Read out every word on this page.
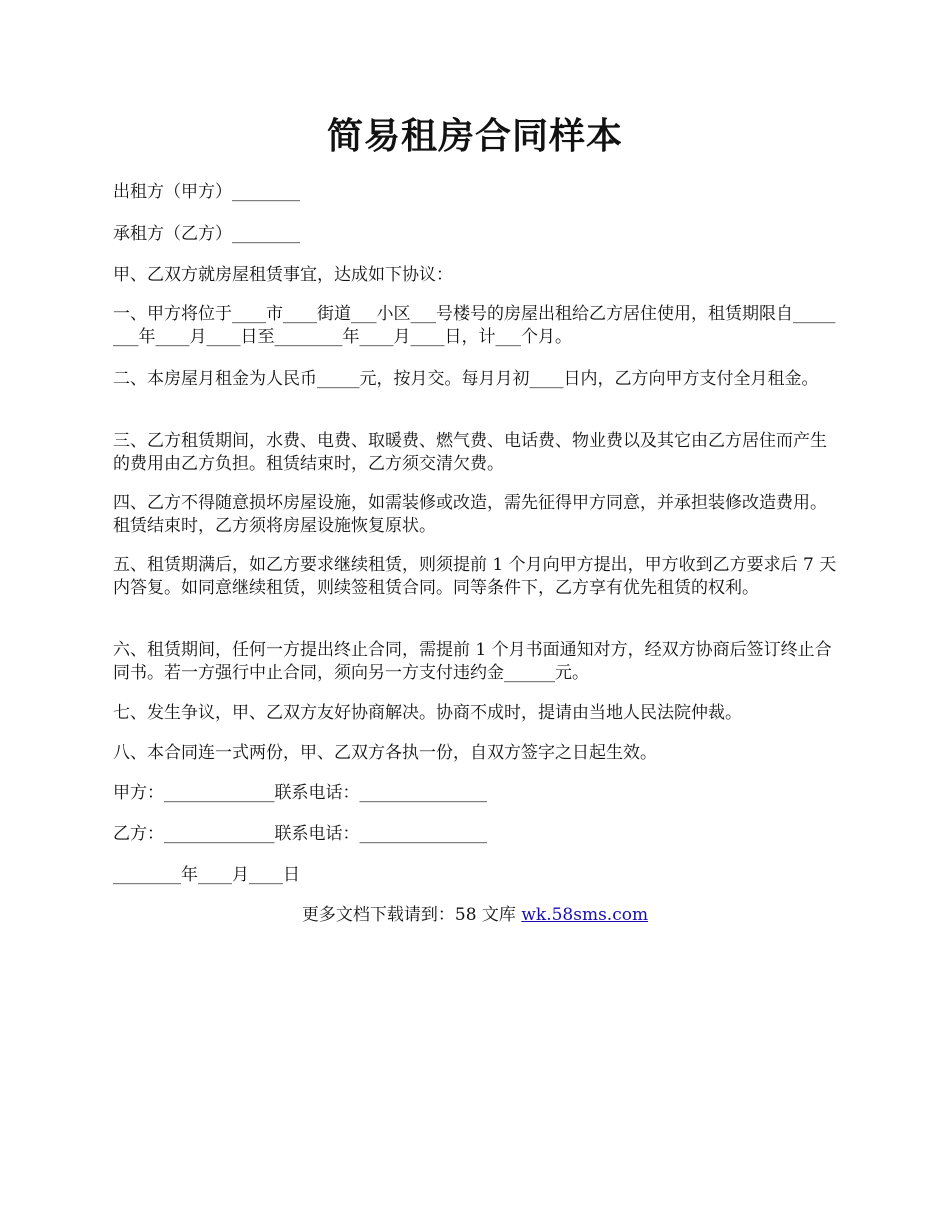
简易租房合同样本

出租方（甲方）________

承租方（乙方）________

甲、乙双方就房屋租赁事宜，达成如下协议：

一、甲方将位于____市____街道___小区___号楼号的房屋出租给乙方居住使用，租赁期限自________年____月____日至________年____月____日，计___个月。

二、本房屋月租金为人民币_____元，按月交。每月月初____日内，乙方向甲方支付全月租金。

三、乙方租赁期间，水费、电费、取暖费、燃气费、电话费、物业费以及其它由乙方居住而产生的费用由乙方负担。租赁结束时，乙方须交清欠费。

四、乙方不得随意损坏房屋设施，如需装修或改造，需先征得甲方同意，并承担装修改造费用。租赁结束时，乙方须将房屋设施恢复原状。

五、租赁期满后，如乙方要求继续租赁，则须提前 1 个月向甲方提出，甲方收到乙方要求后 7 天内答复。如同意继续租赁，则续签租赁合同。同等条件下，乙方享有优先租赁的权利。

六、租赁期间，任何一方提出终止合同，需提前 1 个月书面通知对方，经双方协商后签订终止合同书。若一方强行中止合同，须向另一方支付违约金______元。

七、发生争议，甲、乙双方友好协商解决。协商不成时，提请由当地人民法院仲裁。

八、本合同连一式两份，甲、乙双方各执一份，自双方签字之日起生效。

甲方：_____________联系电话：_______________

乙方：_____________联系电话：_______________

________年____月____日

更多文档下载请到：58 文库 wk.58sms.com
